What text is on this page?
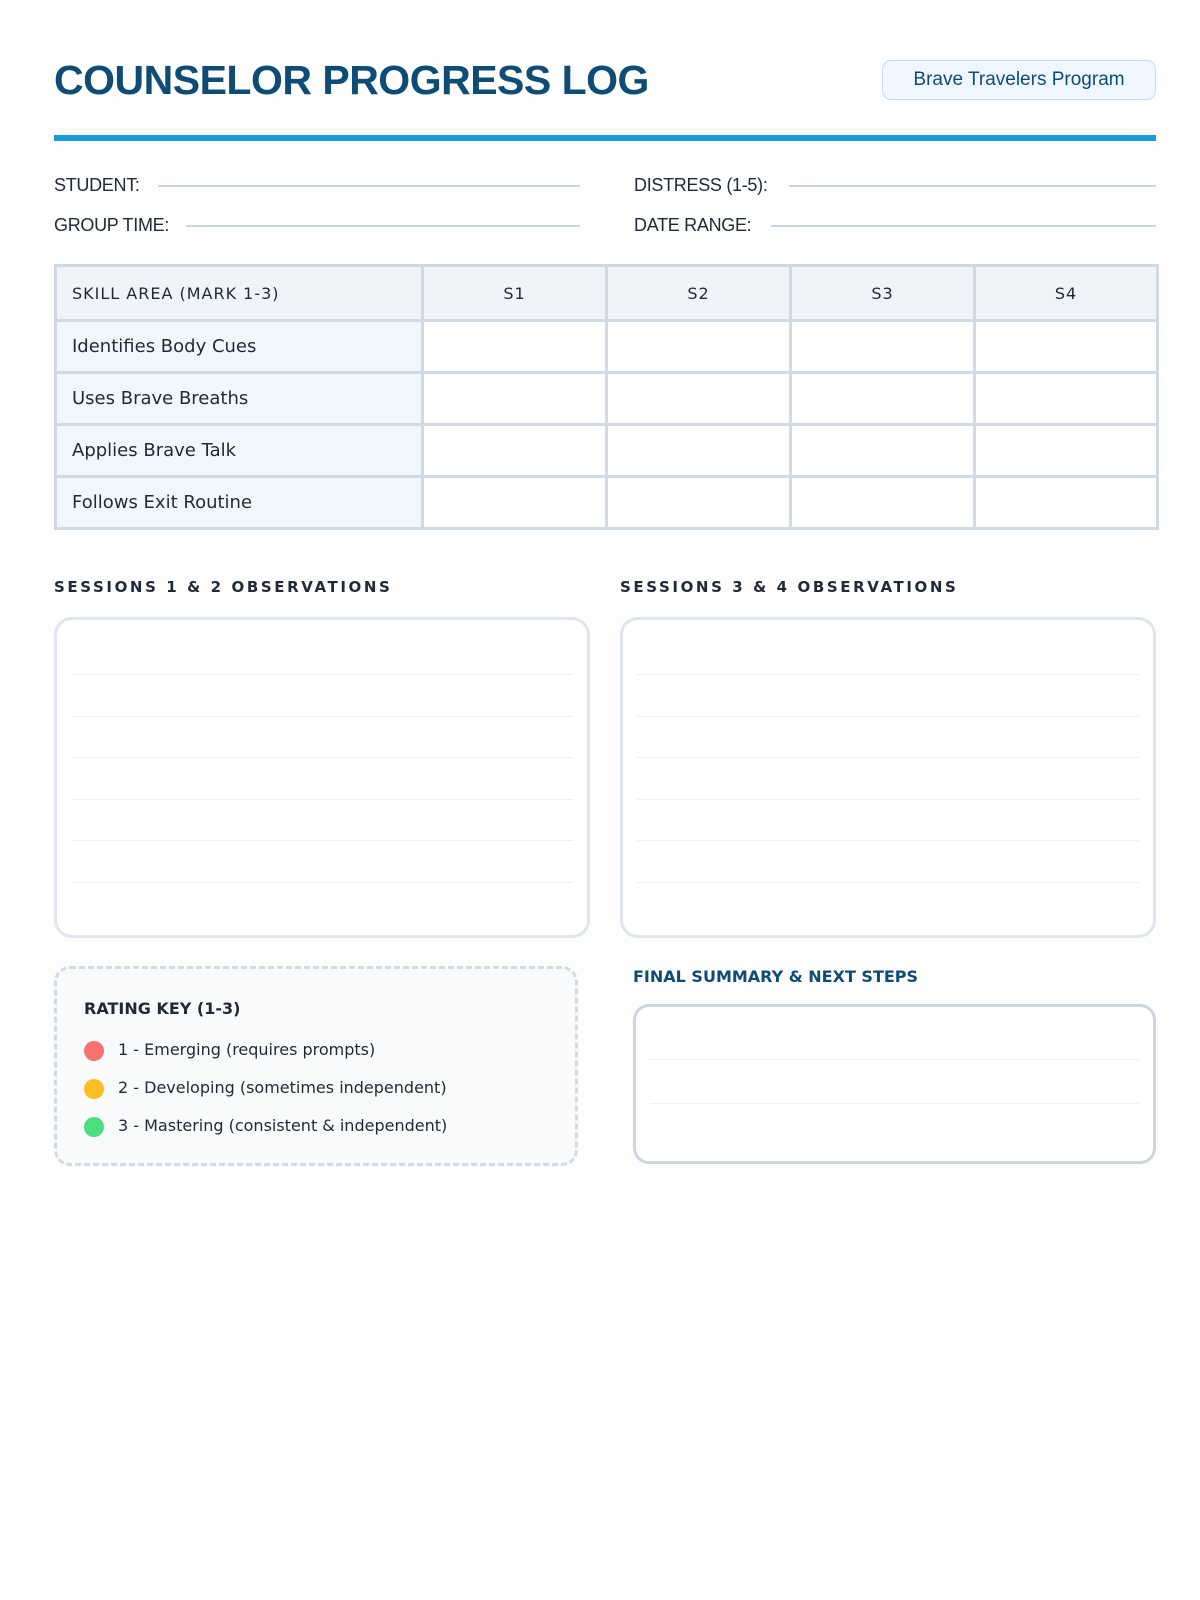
COUNSELOR PROGRESS LOG	Brave Travelers Program
STUDENT:	DISTRESS (1-5):
GROUP TIME:	DATE RANGE:
SKILL AREA (MARK 1-3)	S1	S2	S3	S4
Identifies Body Cues				
Uses Brave Breaths				
Applies Brave Talk				
Follows Exit Routine				
SESSIONS 1 & 2 OBSERVATIONS	SESSIONS 3 & 4 OBSERVATIONS
RATING KEY (1-3)
1 - Emerging (requires prompts)
2 - Developing (sometimes independent)
3 - Mastering (consistent & independent)
FINAL SUMMARY & NEXT STEPS
